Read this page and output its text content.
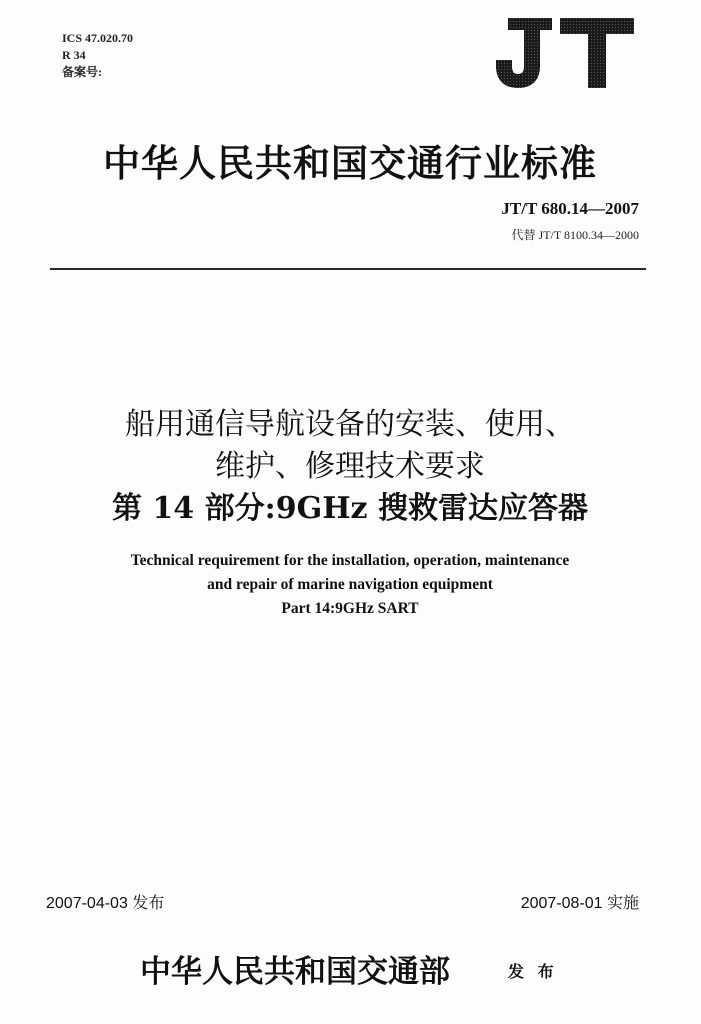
ICS 47.020.70
R 34
备案号:
中华人民共和国交通行业标准
JT/T 680.14—2007
代替 JT/T 8100.34—2000
船用通信导航设备的安装、使用、
维护、修理技术要求
第 14 部分:9GHz 搜救雷达应答器
Technical requirement for the installation, operation, maintenance
and repair of marine navigation equipment
Part 14:9GHz SART
2007-04-03 发布	2007-08-01 实施
中华人民共和国交通部	发 布
